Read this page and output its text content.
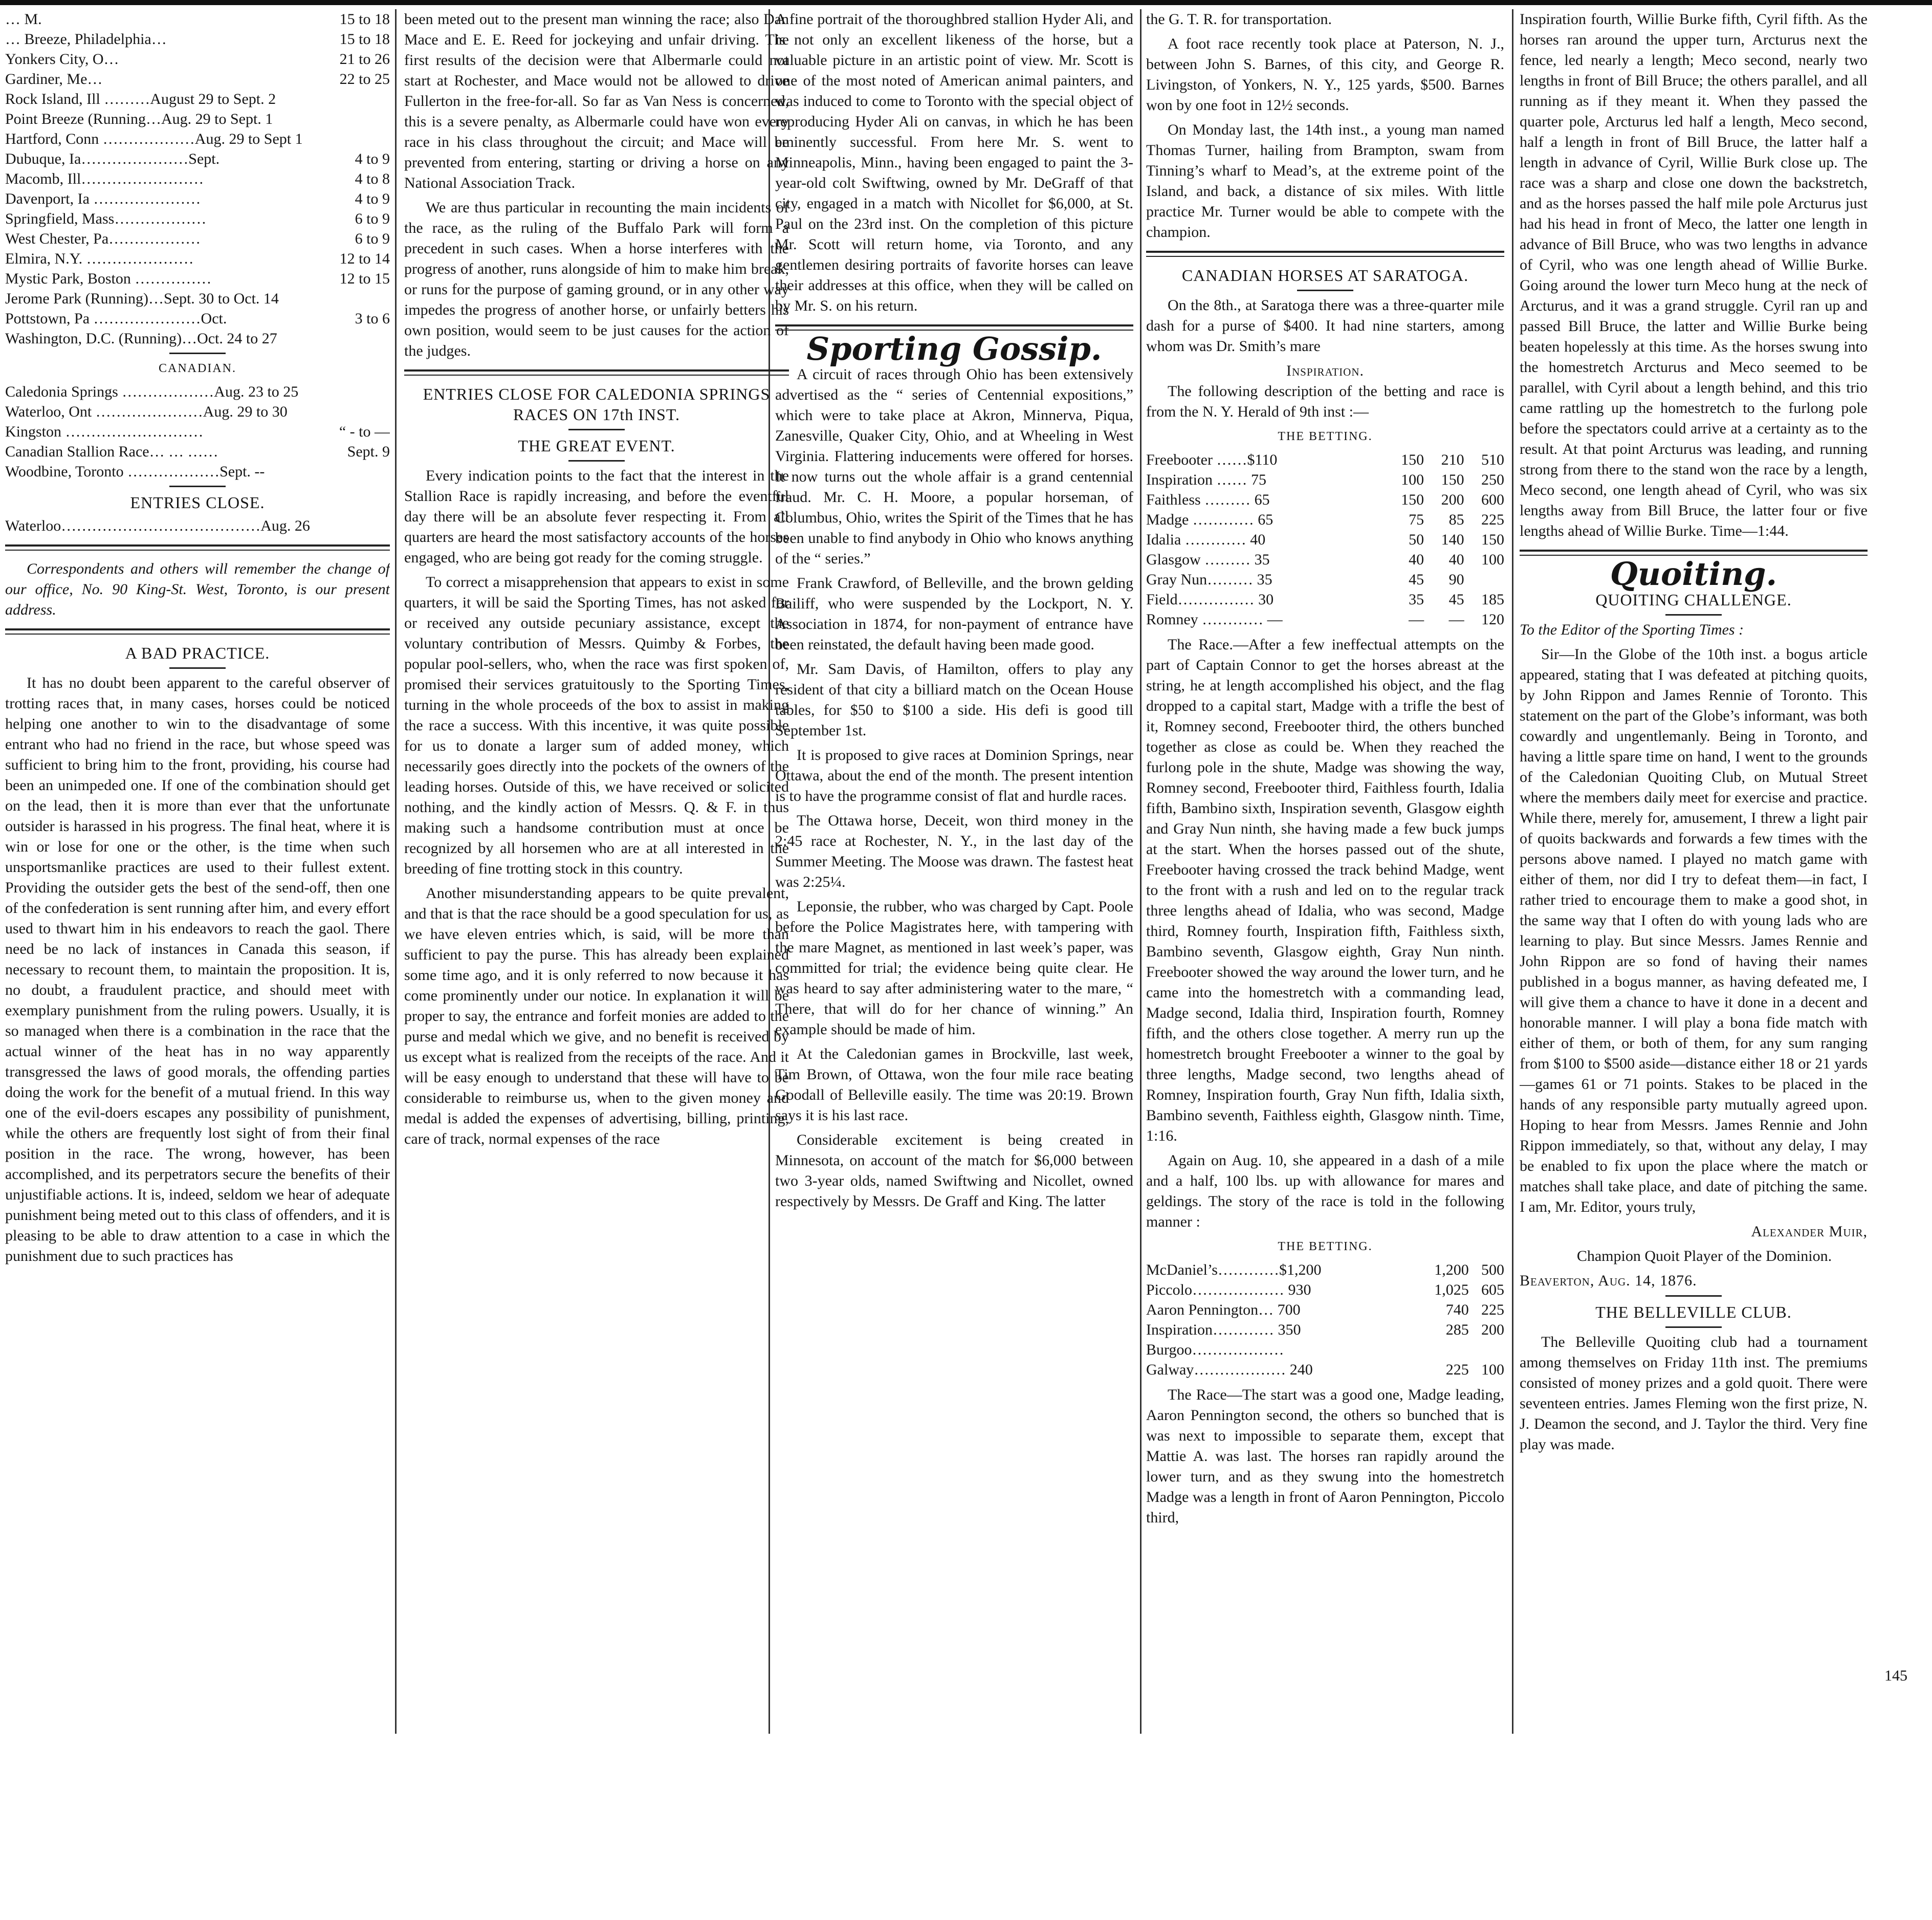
… M.	15 to 18
… Breeze, Philadelphia…	15 to 18
Yonkers City, O…	21 to 26
Gardiner, Me…	22 to 25
Rock Island, Ill ………August 29 to Sept. 2	
Point Breeze (Running…Aug. 29 to Sept. 1	
Hartford, Conn ………………Aug. 29 to Sept 1	
Dubuque, Ia…………………Sept.	4 to 9
Macomb, Ill……………………	4 to 8
Davenport, Ia …………………	4 to 9
Springfield, Mass………………	6 to 9
West Chester, Pa………………	6 to 9
Elmira, N.Y. …………………	12 to 14
Mystic Park, Boston ……………	12 to 15
Jerome Park (Running)…Sept. 30 to Oct. 14	
Pottstown, Pa …………………Oct.	3 to 6
Washington, D.C. (Running)…Oct. 24 to 27	
CANADIAN.
Caledonia Springs ………………Aug. 23 to 25	
Waterloo, Ont …………………Aug. 29 to 30	
Kingston ………………………	“ - to —
Canadian Stallion Race… … ……	Sept. 9
Woodbine, Toronto ………………Sept. --	
ENTRIES CLOSE.

Waterloo…………………………………Aug. 26

Correspondents and others will remember the change of our office, No. 90 King-St. West, Toronto, is our present address.

A BAD PRACTICE.

It has no doubt been apparent to the careful observer of trotting races that, in many cases, horses could be noticed helping one another to win to the disadvantage of some entrant who had no friend in the race, but whose speed was sufficient to bring him to the front, providing, his course had been an unimpeded one. If one of the combination should get on the lead, then it is more than ever that the unfortunate outsider is harassed in his progress. The final heat, where it is win or lose for one or the other, is the time when such unsportsmanlike practices are used to their fullest extent. Providing the outsider gets the best of the send-off, then one of the confederation is sent running after him, and every effort used to thwart him in his endeavors to reach the gaol. There need be no lack of instances in Canada this season, if necessary to recount them, to maintain the proposition. It is, no doubt, a fraudulent practice, and should meet with exemplary punishment from the ruling powers. Usually, it is so managed when there is a combination in the race that the actual winner of the heat has in no way apparently transgressed the laws of good morals, the offending parties doing the work for the benefit of a mutual friend. In this way one of the evil-doers escapes any possibility of punishment, while the others are frequently lost sight of from their final position in the race. The wrong, however, has been accomplished, and its perpetrators secure the benefits of their unjustifiable actions. It is, indeed, seldom we hear of adequate punishment being meted out to this class of offenders, and it is pleasing to be able to draw attention to a case in which the punishment due to such practices has

been meted out to the present man winning the race; also Dan Mace and E. E. Reed for jockeying and unfair driving. The first results of the decision were that Albermarle could not start at Rochester, and Mace would not be allowed to drive Fullerton in the free-for-all. So far as Van Ness is concerned, this is a severe penalty, as Albermarle could have won every race in his class throughout the circuit; and Mace will be prevented from entering, starting or driving a horse on any National Association Track.

We are thus particular in recounting the main incidents of the race, as the ruling of the Buffalo Park will form a precedent in such cases. When a horse interferes with the progress of another, runs alongside of him to make him break, or runs for the purpose of gaming ground, or in any other way impedes the progress of another horse, or unfairly betters his own position, would seem to be just causes for the action of the judges.

ENTRIES CLOSE FOR CALEDONIA SPRINGS RACES ON 17th INST.
THE GREAT EVENT.

Every indication points to the fact that the interest in the Stallion Race is rapidly increasing, and before the eventful day there will be an absolute fever respecting it. From all quarters are heard the most satisfactory accounts of the horses engaged, who are being got ready for the coming struggle.

To correct a misapprehension that appears to exist in some quarters, it will be said the Sporting Times, has not asked for or received any outside pecuniary assistance, except the voluntary contribution of Messrs. Quimby & Forbes, the popular pool-sellers, who, when the race was first spoken of, promised their services gratuitously to the Sporting Times, turning in the whole proceeds of the box to assist in making the race a success. With this incentive, it was quite possible for us to donate a larger sum of added money, which necessarily goes directly into the pockets of the owners of the leading horses. Outside of this, we have received or solicited nothing, and the kindly action of Messrs. Q. & F. in thus making such a handsome contribution must at once be recognized by all horsemen who are at all interested in the breeding of fine trotting stock in this country.

Another misunderstanding appears to be quite prevalent, and that is that the race should be a good speculation for us, as we have eleven entries which, is said, will be more than sufficient to pay the purse. This has already been explained some time ago, and it is only referred to now because it has come prominently under our notice. In explanation it will be proper to say, the entrance and forfeit monies are added to the purse and medal which we give, and no benefit is received by us except what is realized from the receipts of the race. And it will be easy enough to understand that these will have to be considerable to reimburse us, when to the given money and medal is added the expenses of advertising, billing, printing, care of track, normal expenses of the race

A fine portrait of the thoroughbred stallion Hyder Ali, and is not only an excellent likeness of the horse, but a valuable picture in an artistic point of view. Mr. Scott is one of the most noted of American animal painters, and was induced to come to Toronto with the special object of reproducing Hyder Ali on canvas, in which he has been eminently successful. From here Mr. S. went to Minneapolis, Minn., having been engaged to paint the 3-year-old colt Swiftwing, owned by Mr. DeGraff of that city, engaged in a match with Nicollet for $6,000, at St. Paul on the 23rd inst. On the completion of this picture Mr. Scott will return home, via Toronto, and any gentlemen desiring portraits of favorite horses can leave their addresses at this office, when they will be called on by Mr. S. on his return.

Sporting Gossip.

A circuit of races through Ohio has been extensively advertised as the “ series of Centennial expositions,” which were to take place at Akron, Minnerva, Piqua, Zanesville, Quaker City, Ohio, and at Wheeling in West Virginia. Flattering inducements were offered for horses. It now turns out the whole affair is a grand centennial fraud. Mr. C. H. Moore, a popular horseman, of Columbus, Ohio, writes the Spirit of the Times that he has been unable to find anybody in Ohio who knows anything of the “ series.”

Frank Crawford, of Belleville, and the brown gelding Bailiff, who were suspended by the Lockport, N. Y. Association in 1874, for non-payment of entrance have been reinstated, the default having been made good.

Mr. Sam Davis, of Hamilton, offers to play any resident of that city a billiard match on the Ocean House tables, for $50 to $100 a side. His defi is good till September 1st.

It is proposed to give races at Dominion Springs, near Ottawa, about the end of the month. The present intention is to have the programme consist of flat and hurdle races.

The Ottawa horse, Deceit, won third money in the 2:45 race at Rochester, N. Y., in the last day of the Summer Meeting. The Moose was drawn. The fastest heat was 2:25¼.

Leponsie, the rubber, who was charged by Capt. Poole before the Police Magistrates here, with tampering with the mare Magnet, as mentioned in last week’s paper, was committed for trial; the evidence being quite clear. He was heard to say after administering water to the mare, “ There, that will do for her chance of winning.” An example should be made of him.

At the Caledonian games in Brockville, last week, Tim Brown, of Ottawa, won the four mile race beating Goodall of Belleville easily. The time was 20:19. Brown says it is his last race.

Considerable excitement is being created in Minnesota, on account of the match for $6,000 between two 3-year olds, named Swiftwing and Nicollet, owned respectively by Messrs. De Graff and King. The latter

the G. T. R. for transportation.

A foot race recently took place at Paterson, N. J., between John S. Barnes, of this city, and George R. Livingston, of Yonkers, N. Y., 125 yards, $500. Barnes won by one foot in 12½ seconds.

On Monday last, the 14th inst., a young man named Thomas Turner, hailing from Brampton, swam from Tinning’s wharf to Mead’s, at the extreme point of the Island, and back, a distance of six miles. With little practice Mr. Turner would be able to compete with the champion.

CANADIAN HORSES AT SARATOGA.

On the 8th., at Saratoga there was a three-quarter mile dash for a purse of $400. It had nine starters, among whom was Dr. Smith’s mare

Inspiration.

The following description of the betting and race is from the N. Y. Herald of 9th inst :—

THE BETTING.
Freebooter ……$110	150	210	510
Inspiration …… 75	100	150	250
Faithless ……… 65	150	200	600
Madge ………… 65	75	85	225
Idalia ………… 40	50	140	150
Glasgow ……… 35	40	40	100
Gray Nun……… 35	45	90	
Field…………… 30	35	45	185
Romney ………… —	—	—	120

The Race.—After a few ineffectual attempts on the part of Captain Connor to get the horses abreast at the string, he at length accomplished his object, and the flag dropped to a capital start, Madge with a trifle the best of it, Romney second, Freebooter third, the others bunched together as close as could be. When they reached the furlong pole in the shute, Madge was showing the way, Romney second, Freebooter third, Faithless fourth, Idalia fifth, Bambino sixth, Inspiration seventh, Glasgow eighth and Gray Nun ninth, she having made a few buck jumps at the start. When the horses passed out of the shute, Freebooter having crossed the track behind Madge, went to the front with a rush and led on to the regular track three lengths ahead of Idalia, who was second, Madge third, Romney fourth, Inspiration fifth, Faithless sixth, Bambino seventh, Glasgow eighth, Gray Nun ninth. Freebooter showed the way around the lower turn, and he came into the homestretch with a commanding lead, Madge second, Idalia third, Inspiration fourth, Romney fifth, and the others close together. A merry run up the homestretch brought Freebooter a winner to the goal by three lengths, Madge second, two lengths ahead of Romney, Inspiration fourth, Gray Nun fifth, Idalia sixth, Bambino seventh, Faithless eighth, Glasgow ninth. Time, 1:16.

Again on Aug. 10, she appeared in a dash of a mile and a half, 100 lbs. up with allowance for mares and geldings. The story of the race is told in the following manner :

THE BETTING.
McDaniel’s…………$1,200	1,200	500
Piccolo……………… 930	1,025	605
Aaron Pennington… 700	740	225
Inspiration………… 350	285	200
Burgoo………………		
Galway……………… 240	225	100

The Race—The start was a good one, Madge leading, Aaron Pennington second, the others so bunched that is was next to impossible to separate them, except that Mattie A. was last. The horses ran rapidly around the lower turn, and as they swung into the homestretch Madge was a length in front of Aaron Pennington, Piccolo third,

Inspiration fourth, Willie Burke fifth, Cyril fifth. As the horses ran around the upper turn, Arcturus next the fence, led nearly a length; Meco second, nearly two lengths in front of Bill Bruce; the others parallel, and all running as if they meant it. When they passed the quarter pole, Arcturus led half a length, Meco second, half a length in front of Bill Bruce, the latter half a length in advance of Cyril, Willie Burk close up. The race was a sharp and close one down the backstretch, and as the horses passed the half mile pole Arcturus just had his head in front of Meco, the latter one length in advance of Bill Bruce, who was two lengths in advance of Cyril, who was one length ahead of Willie Burke. Going around the lower turn Meco hung at the neck of Arcturus, and it was a grand struggle. Cyril ran up and passed Bill Bruce, the latter and Willie Burke being beaten hopelessly at this time. As the horses swung into the homestretch Arcturus and Meco seemed to be parallel, with Cyril about a length behind, and this trio came rattling up the homestretch to the furlong pole before the spectators could arrive at a certainty as to the result. At that point Arcturus was leading, and running strong from there to the stand won the race by a length, Meco second, one length ahead of Cyril, who was six lengths away from Bill Bruce, the latter four or five lengths ahead of Willie Burke. Time—1:44.

Quoiting.
QUOITING CHALLENGE.

To the Editor of the Sporting Times :

Sir—In the Globe of the 10th inst. a bogus article appeared, stating that I was defeated at pitching quoits, by John Rippon and James Rennie of Toronto. This statement on the part of the Globe’s informant, was both cowardly and ungentlemanly. Being in Toronto, and having a little spare time on hand, I went to the grounds of the Caledonian Quoiting Club, on Mutual Street where the members daily meet for exercise and practice. While there, merely for, amusement, I threw a light pair of quoits backwards and forwards a few times with the persons above named. I played no match game with either of them, nor did I try to defeat them—in fact, I rather tried to encourage them to make a good shot, in the same way that I often do with young lads who are learning to play. But since Messrs. James Rennie and John Rippon are so fond of having their names published in a bogus manner, as having defeated me, I will give them a chance to have it done in a decent and honorable manner. I will play a bona fide match with either of them, or both of them, for any sum ranging from $100 to $500 aside—distance either 18 or 21 yards—games 61 or 71 points. Stakes to be placed in the hands of any responsible party mutually agreed upon. Hoping to hear from Messrs. James Rennie and John Rippon immediately, so that, without any delay, I may be enabled to fix upon the place where the match or matches shall take place, and date of pitching the same. I am, Mr. Editor, yours truly,

Alexander Muir,

Champion Quoit Player of the Dominion.

Beaverton, Aug. 14, 1876.

THE BELLEVILLE CLUB.

The Belleville Quoiting club had a tournament among themselves on Friday 11th inst. The premiums consisted of money prizes and a gold quoit. There were seventeen entries. James Fleming won the first prize, N. J. Deamon the second, and J. Taylor the third. Very fine play was made.

145
